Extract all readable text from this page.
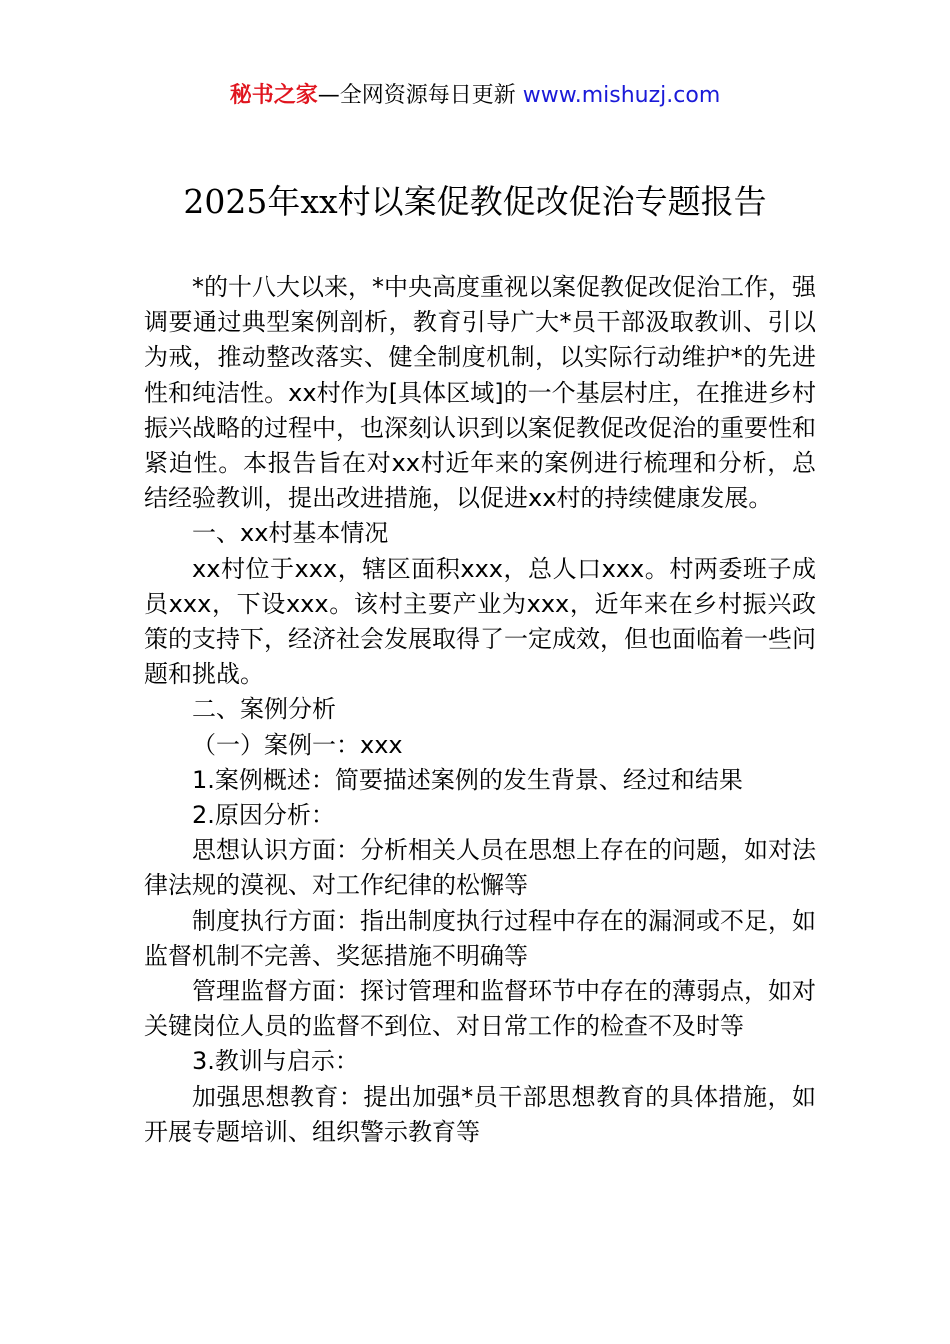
秘书之家—全网资源每日更新 www.mishuzj.com
2025年xx村以案促教促改促治专题报告

*的十八大以来，*中央高度重视以案促教促改促治工作，强调要通过典型案例剖析，教育引导广大*员干部汲取教训、引以为戒，推动整改落实、健全制度机制，以实际行动维护*的先进性和纯洁性。xx村作为[具体区域]的一个基层村庄，在推进乡村振兴战略的过程中，也深刻认识到以案促教促改促治的重要性和紧迫性。本报告旨在对xx村近年来的案例进行梳理和分析，总结经验教训，提出改进措施，以促进xx村的持续健康发展。

一、xx村基本情况

xx村位于xxx，辖区面积xxx，总人口xxx。村两委班子成员xxx，下设xxx。该村主要产业为xxx，近年来在乡村振兴政策的支持下，经济社会发展取得了一定成效，但也面临着一些问题和挑战。

二、案例分析

（一）案例一：xxx

1.案例概述：简要描述案例的发生背景、经过和结果

2.原因分析：

思想认识方面：分析相关人员在思想上存在的问题，如对法律法规的漠视、对工作纪律的松懈等

制度执行方面：指出制度执行过程中存在的漏洞或不足，如监督机制不完善、奖惩措施不明确等

管理监督方面：探讨管理和监督环节中存在的薄弱点，如对关键岗位人员的监督不到位、对日常工作的检查不及时等

3.教训与启示：

加强思想教育：提出加强*员干部思想教育的具体措施，如开展专题培训、组织警示教育等
